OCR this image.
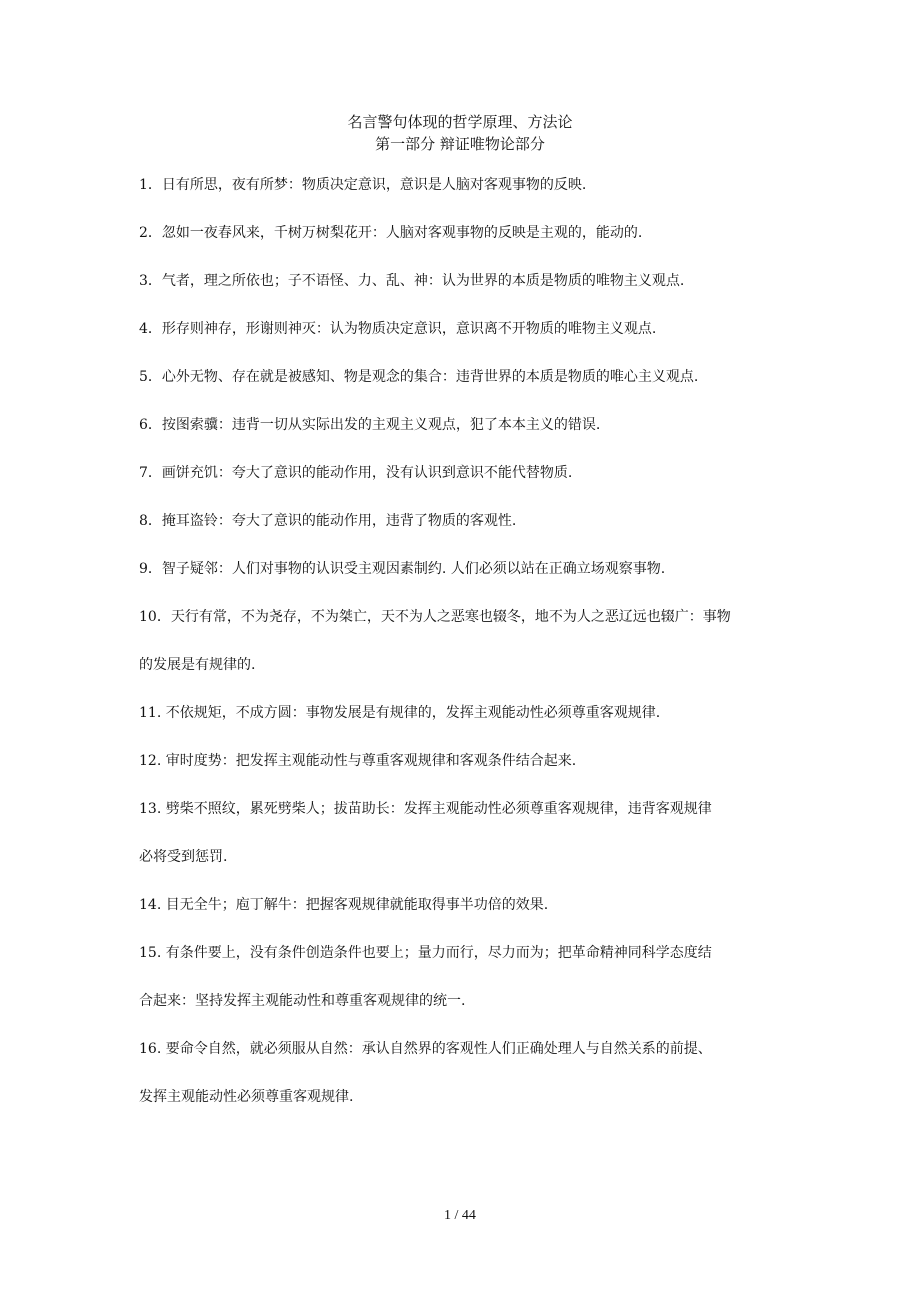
名言警句体现的哲学原理、方法论
第一部分 辩证唯物论部分

1．日有所思，夜有所梦：物质决定意识，意识是人脑对客观事物的反映.

2．忽如一夜春风来，千树万树梨花开：人脑对客观事物的反映是主观的，能动的.

3．气者，理之所依也；子不语怪、力、乱、神：认为世界的本质是物质的唯物主义观点.

4．形存则神存，形谢则神灭：认为物质决定意识，意识离不开物质的唯物主义观点.

5．心外无物、存在就是被感知、物是观念的集合：违背世界的本质是物质的唯心主义观点.

6．按图索骥：违背一切从实际出发的主观主义观点，犯了本本主义的错误.

7．画饼充饥：夸大了意识的能动作用，没有认识到意识不能代替物质.

8．掩耳盗铃：夸大了意识的能动作用，违背了物质的客观性.

9．智子疑邻：人们对事物的认识受主观因素制约. 人们必须以站在正确立场观察事物.

10．天行有常，不为尧存，不为桀亡，天不为人之恶寒也辍冬，地不为人之恶辽远也辍广：事物

的发展是有规律的.

11. 不依规矩，不成方圆：事物发展是有规律的，发挥主观能动性必须尊重客观规律.

12. 审时度势：把发挥主观能动性与尊重客观规律和客观条件结合起来.

13. 劈柴不照纹，累死劈柴人；拔苗助长：发挥主观能动性必须尊重客观规律，违背客观规律

必将受到惩罚.

14. 目无全牛；庖丁解牛：把握客观规律就能取得事半功倍的效果.

15. 有条件要上，没有条件创造条件也要上；量力而行，尽力而为；把革命精神同科学态度结

合起来：坚持发挥主观能动性和尊重客观规律的统一.

16. 要命令自然，就必须服从自然：承认自然界的客观性人们正确处理人与自然关系的前提、

发挥主观能动性必须尊重客观规律.

1 / 44
